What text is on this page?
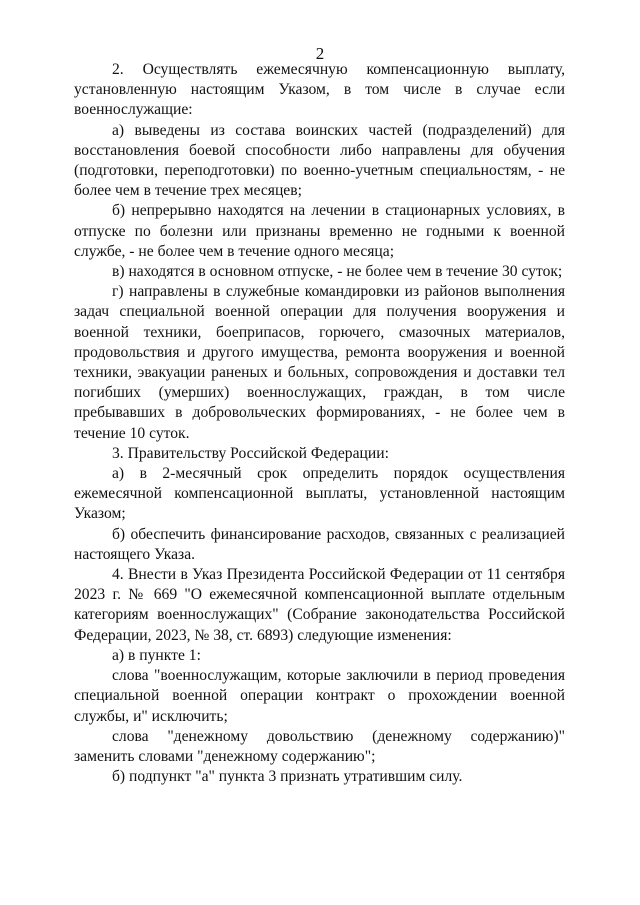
2

2. Осуществлять ежемесячную компенсационную выплату, установленную настоящим Указом, в том числе в случае если военнослужащие:

а) выведены из состава воинских частей (подразделений) для восстановления боевой способности либо направлены для обучения (подготовки, переподготовки) по военно-учетным специальностям, - не более чем в течение трех месяцев;

б) непрерывно находятся на лечении в стационарных условиях, в отпуске по болезни или признаны временно не годными к военной службе, - не более чем в течение одного месяца;

в) находятся в основном отпуске, - не более чем в течение 30 суток;

г) направлены в служебные командировки из районов выполнения задач специальной военной операции для получения вооружения и военной техники, боеприпасов, горючего, смазочных материалов, продовольствия и другого имущества, ремонта вооружения и военной техники, эвакуации раненых и больных, сопровождения и доставки тел погибших (умерших) военнослужащих, граждан, в том числе пребывавших в добровольческих формированиях, - не более чем в течение 10 суток.

3. Правительству Российской Федерации:

а) в 2-месячный срок определить порядок осуществления ежемесячной компенсационной выплаты, установленной настоящим Указом;

б) обеспечить финансирование расходов, связанных с реализацией настоящего Указа.

4. Внести в Указ Президента Российской Федерации от 11 сентября 2023 г. № 669 "О ежемесячной компенсационной выплате отдельным категориям военнослужащих" (Собрание законодательства Российской Федерации, 2023, № 38, ст. 6893) следующие изменения:

а) в пункте 1:

слова "военнослужащим, которые заключили в период проведения специальной военной операции контракт о прохождении военной службы, и" исключить;

слова "денежному довольствию (денежному содержанию)" заменить словами "денежному содержанию";

б) подпункт "а" пункта 3 признать утратившим силу.
